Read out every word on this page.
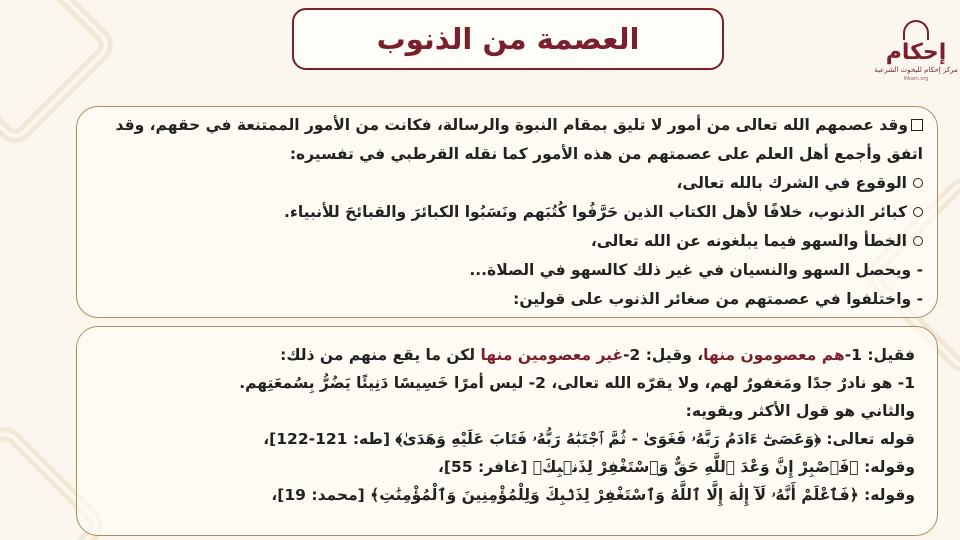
العصمة من الذنوب	إحكام
مركز إحكام للبحوث الشرعية
ihkam.org
وقد عصمهم الله تعالى من أمور لا تليق بمقام النبوة والرسالة، فكانت من الأمور الممتنعة في حقهم، وقد
اتفق وأجمع أهل العلم على عصمتهم من هذه الأمور كما نقله القرطبي في تفسيره:
الوقوع في الشرك بالله تعالى،
كبائر الذنوب، خلافًا لأهل الكتاب الذين حَرَّفُوا كُتُبَهم ونَسَبُوا الكبائرَ والقبائحَ للأنبياء.
الخطأ والسهو فيما يبلغونه عن الله تعالى،
- ويحصل السهو والنسيان في غير ذلك كالسهو في الصلاة...
- واختلفوا في عصمتهم من صغائر الذنوب على قولين:
فقيل: 1-هم معصومون منها، وقيل: 2-غير معصومين منها لكن ما يقع منهم من ذلك:
1- هو نادرٌ جدًا ومَغفورٌ لهم، ولا يقرّه الله تعالى، 2- ليس أمرًا خَسِيسًا دَنِيئًا يَضُرُّ بِسُمعَتِهم.
والثاني هو قول الأكثر ويقويه:
قوله تعالى: ﴿وَعَصَىٰٓ ءَادَمُ رَبَّهُۥ فَغَوَىٰ - ثُمَّ ٱجْتَبَٰهُ رَبُّهُۥ فَتَابَ عَلَيْهِ وَهَدَىٰ﴾ [طه: 121-122]،
وقوله: ﴿فَٱصْبِرْ إِنَّ وَعْدَ ٱللَّهِ حَقٌّ وَٱسْتَغْفِرْ لِذَنۢبِكَ﴾ [غافر: 55]،
وقوله: ﴿فَٱعْلَمْ أَنَّهُۥ لَآ إِلَٰهَ إِلَّا ٱللَّهُ وَٱسْتَغْفِرْ لِذَنۢبِكَ وَلِلْمُؤْمِنِينَ وَٱلْمُؤْمِنَٰتِ﴾ [محمد: 19]،
